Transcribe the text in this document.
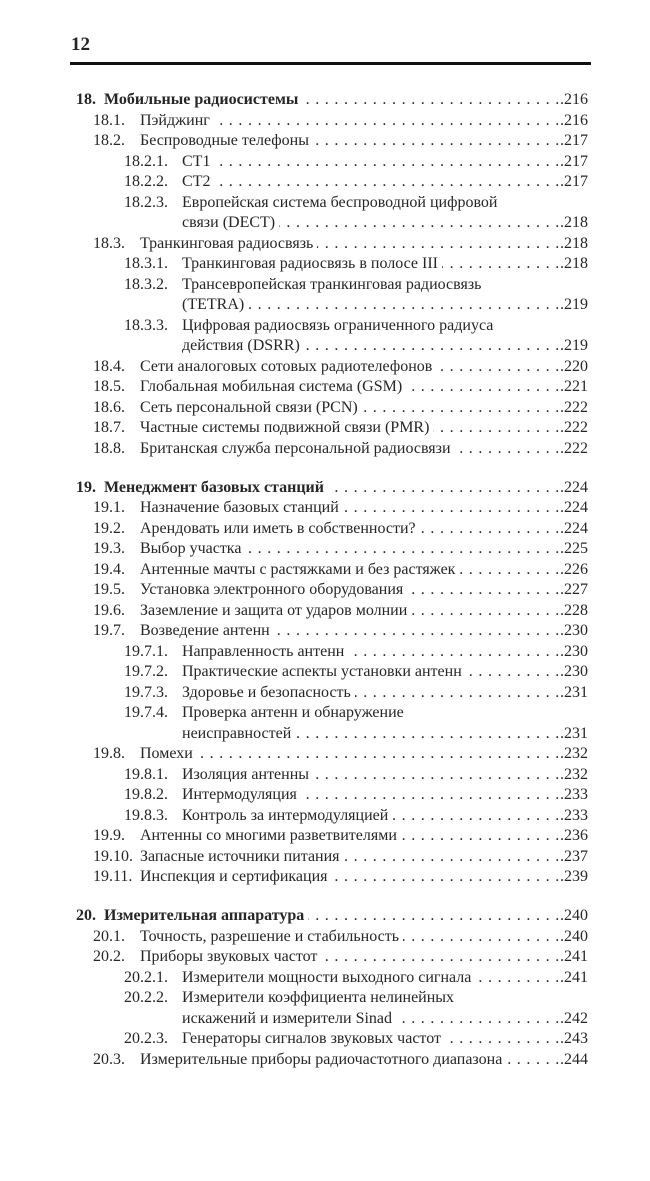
12
18. Мобильные радиосистемы . . .	. 216
18.1. Пэйджинг . . .	. 216
18.2. Беспроводные телефоны . . .	. 217
18.2.1. CT1 . . .	. 217
18.2.2. CT2 . . .	. 217
18.2.3. Европейская система беспроводной цифровой
связи (DECT) . . .	. 218
18.3. Транкинговая радиосвязь . . .	. 218
18.3.1. Транкинговая радиосвязь в полосе III . . .	. 218
18.3.2. Трансевропейская транкинговая радиосвязь
(TETRA) . . .	. 219
18.3.3. Цифровая радиосвязь ограниченного радиуса
действия (DSRR) . . .	. 219
18.4. Сети аналоговых сотовых радиотелефонов . . .	. 220
18.5. Глобальная мобильная система (GSM) . . .	. 221
18.6. Сеть персональной связи (PCN) . . .	. 222
18.7. Частные системы подвижной связи (PMR) . . .	. 222
18.8. Британская служба персональной радиосвязи . . .	. 222
19. Менеджмент базовых станций . . .	. 224
19.1. Назначение базовых станций . . .	. 224
19.2. Арендовать или иметь в собственности? . . .	. 224
19.3. Выбор участка . . .	. 225
19.4. Антенные мачты с растяжками и без растяжек . . .	. 226
19.5. Установка электронного оборудования . . .	. 227
19.6. Заземление и защита от ударов молнии . . .	. 228
19.7. Возведение антенн . . .	. 230
19.7.1. Направленность антенн . . .	. 230
19.7.2. Практические аспекты установки антенн . . .	. 230
19.7.3. Здоровье и безопасность . . .	. 231
19.7.4. Проверка антенн и обнаружение
неисправностей . . .	. 231
19.8. Помехи . . .	. 232
19.8.1. Изоляция антенны . . .	. 232
19.8.2. Интермодуляция . . .	. 233
19.8.3. Контроль за интермодуляцией . . .	. 233
19.9. Антенны со многими разветвителями . . .	. 236
19.10. Запасные источники питания . . .	. 237
19.11. Инспекция и сертификация . . .	. 239
20. Измерительная аппаратура . . .	. 240
20.1. Точность, разрешение и стабильность . . .	. 240
20.2. Приборы звуковых частот . . .	. 241
20.2.1. Измерители мощности выходного сигнала . . .	. 241
20.2.2. Измерители коэффициента нелинейных
искажений и измерители Sinad . . .	. 242
20.2.3. Генераторы сигналов звуковых частот . . .	. 243
20.3. Измерительные приборы радиочастотного диапазона . . .	. 244
